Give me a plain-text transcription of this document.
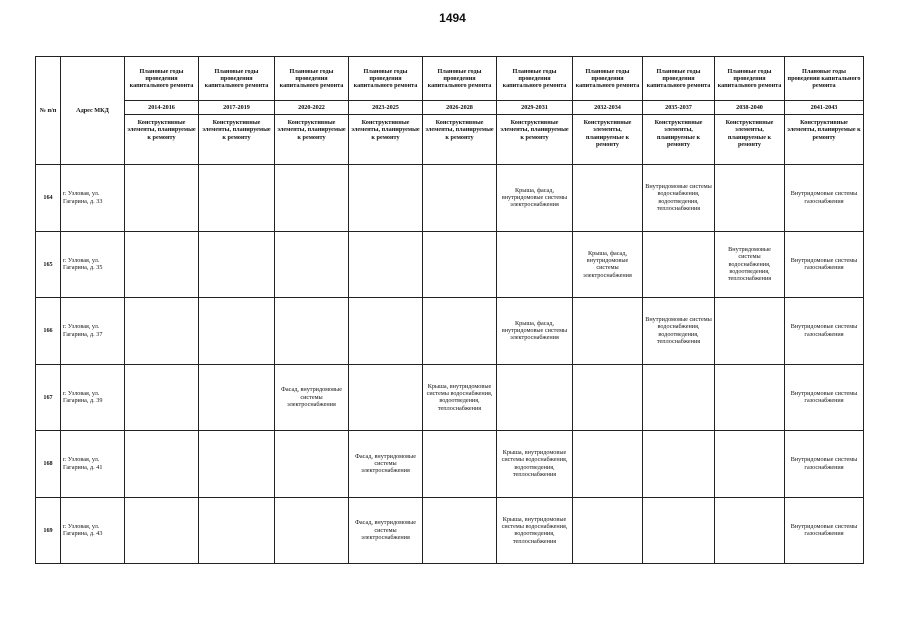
1494
№ п/п	Адрес МКД	Плановые годы проведения капитального ремонта	Плановые годы проведения капитального ремонта	Плановые годы проведения капитального ремонта	Плановые годы проведения капитального ремонта	Плановые годы проведения капитального ремонта	Плановые годы проведения капитального ремонта	Плановые годы проведения капитального ремонта	Плановые годы проведения капитального ремонта	Плановые годы проведения капитального ремонта	Плановые годы проведения капитального ремонта
		2014-2016	2017-2019	2020-2022	2023-2025	2026-2028	2029-2031	2032-2034	2035-2037	2038-2040	2041-2043
		Конструктивные элементы, планируемые к ремонту	Конструктивные элементы, планируемые к ремонту	Конструктивные элементы, планируемые к ремонту	Конструктивные элементы, планируемые к ремонту	Конструктивные элементы, планируемые к ремонту	Конструктивные элементы, планируемые к ремонту	Конструктивные элементы, планируемые к ремонту	Конструктивные элементы, планируемые к ремонту	Конструктивные элементы, планируемые к ремонту	Конструктивные элементы, планируемые к ремонту
164	г. Узловая, ул. Гагарина, д. 33						Крыша, фасад, внутридомовые системы электроснабжения		Внутридомовые системы водоснабжения, водоотведения, теплоснабжения		Внутридомовые системы газоснабжения
165	г. Узловая, ул. Гагарина, д. 35							Крыша, фасад, внутридомовые системы электроснабжения		Внутридомовые системы водоснабжения, водоотведения, теплоснабжения	Внутридомовые системы газоснабжения
166	г. Узловая, ул. Гагарина, д. 37						Крыша, фасад, внутридомовые системы электроснабжения		Внутридомовые системы водоснабжения, водоотведения, теплоснабжения		Внутридомовые системы газоснабжения
167	г. Узловая, ул. Гагарина, д. 39			Фасад, внутридомовые системы электроснабжения		Крыша, внутридомовые системы водоснабжения, водоотведения, теплоснабжения					Внутридомовые системы газоснабжения
168	г. Узловая, ул. Гагарина, д. 41				Фасад, внутридомовые системы электроснабжения		Крыша, внутридомовые системы водоснабжения, водоотведения, теплоснабжения				Внутридомовые системы газоснабжения
169	г. Узловая, ул. Гагарина, д. 43				Фасад, внутридомовые системы электроснабжения		Крыша, внутридомовые системы водоснабжения, водоотведения, теплоснабжения				Внутридомовые системы газоснабжения
